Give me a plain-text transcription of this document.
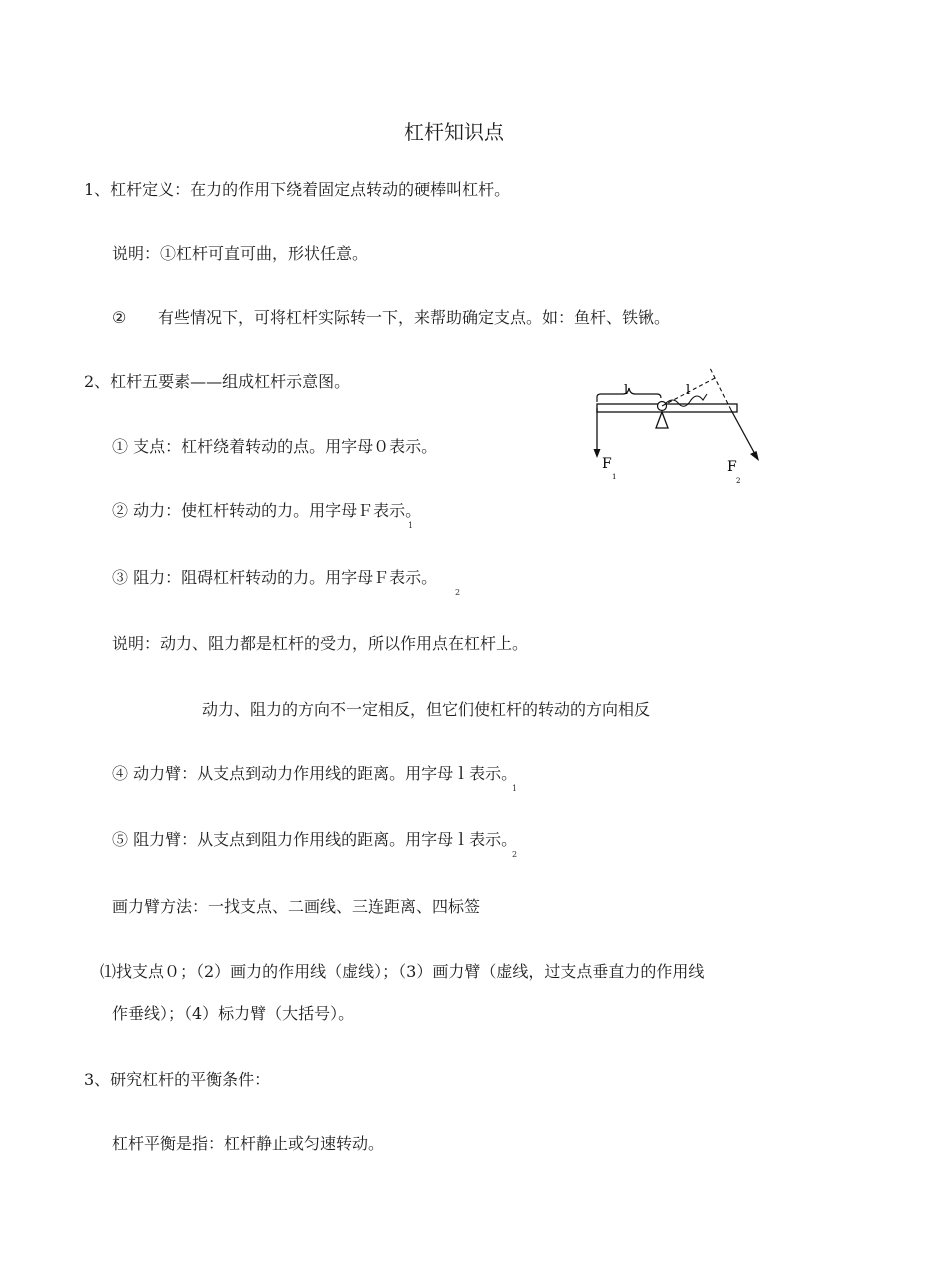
杠杆知识点
1、杠杆定义：在力的作用下绕着固定点转动的硬棒叫杠杆。
说明：①杠杆可直可曲，形状任意。
② 有些情况下，可将杠杆实际转一下，来帮助确定支点。如：鱼杆、铁锹。
2、杠杆五要素——组成杠杆示意图。
① 支点：杠杆绕着转动的点。用字母０表示。
② 动力：使杠杆转动的力。用字母Ｆ表示。
1
③ 阻力：阻碍杠杆转动的力。用字母Ｆ表示。
2
说明：动力、阻力都是杠杆的受力，所以作用点在杠杆上。
动力、阻力的方向不一定相反，但它们使杠杆的转动的方向相反
④ 动力臂：从支点到动力作用线的距离。用字母ｌ表示。
1
⑤ 阻力臂：从支点到阻力作用线的距离。用字母ｌ表示。
2
画力臂方法：一找支点、二画线、三连距离、四标签
⑴找支点０；（2）画力的作用线（虚线）；（3）画力臂（虚线，过支点垂直力的作用线
作垂线）；（4）标力臂（大括号）。
3、研究杠杆的平衡条件：
杠杆平衡是指：杠杆静止或匀速转动。
l	l
F
1
F
2
